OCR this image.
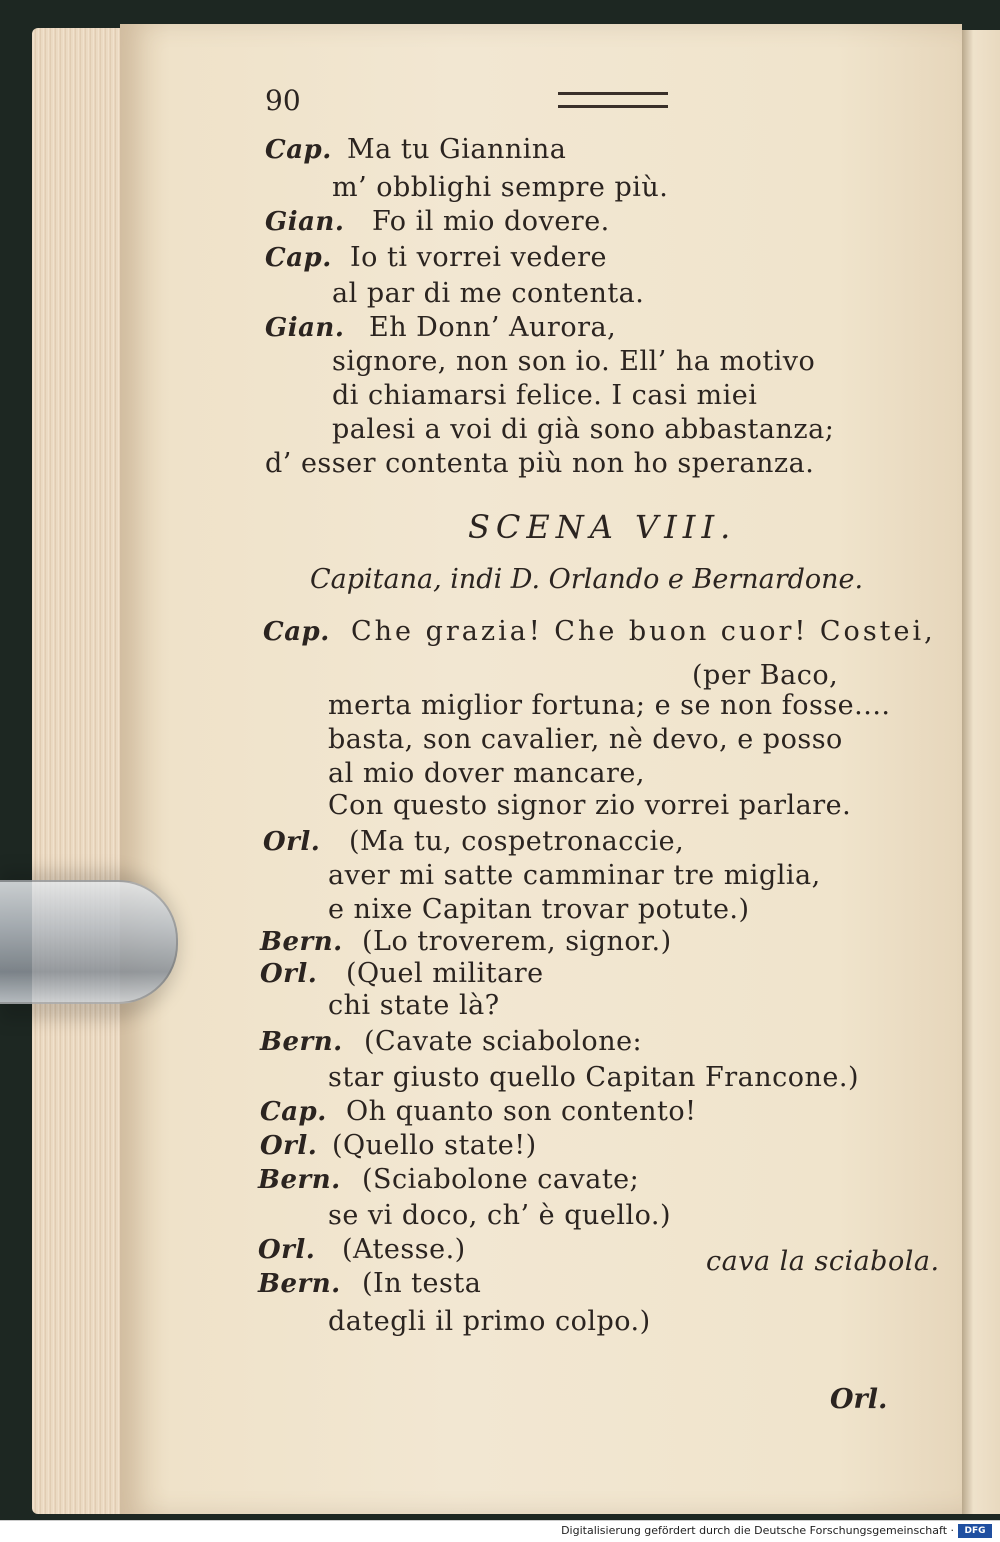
90
Cap. Ma tu Giannina
m’ obblighi sempre più.
Gian. Fo il mio dovere.
Cap. Io ti vorrei vedere
al par di me contenta.
Gian. Eh Donn’ Aurora,
signore, non son io. Ell’ ha motivo
di chiamarsi felice. I casi miei
palesi a voi di già sono abbastanza;
d’ esser contenta più non ho speranza.
SCENA VIII.
Capitana, indi D. Orlando e Bernardone.
Cap. Che grazia! Che buon cuor! Costei,
(per Baco,
merta miglior fortuna; e se non fosse....
basta, son cavalier, nè devo, e posso
al mio dover mancare,
Con questo signor zio vorrei parlare.
Orl. (Ma tu, cospetronaccie,
aver mi satte camminar tre miglia,
e nixe Capitan trovar potute.)
Bern. (Lo troverem, signor.)
Orl. (Quel militare
chi state là?
Bern. (Cavate sciabolone:
star giusto quello Capitan Francone.)
Cap. Oh quanto son contento!
Orl. (Quello state!)
Bern. (Sciabolone cavate;
se vi doco, ch’ è quello.)
Orl. (Atesse.)	cava la sciabola.
Bern. (In testa
dategli il primo colpo.)
Orl.
Digitalisierung gefördert durch die Deutsche Forschungsgemeinschaft ·	DFG
